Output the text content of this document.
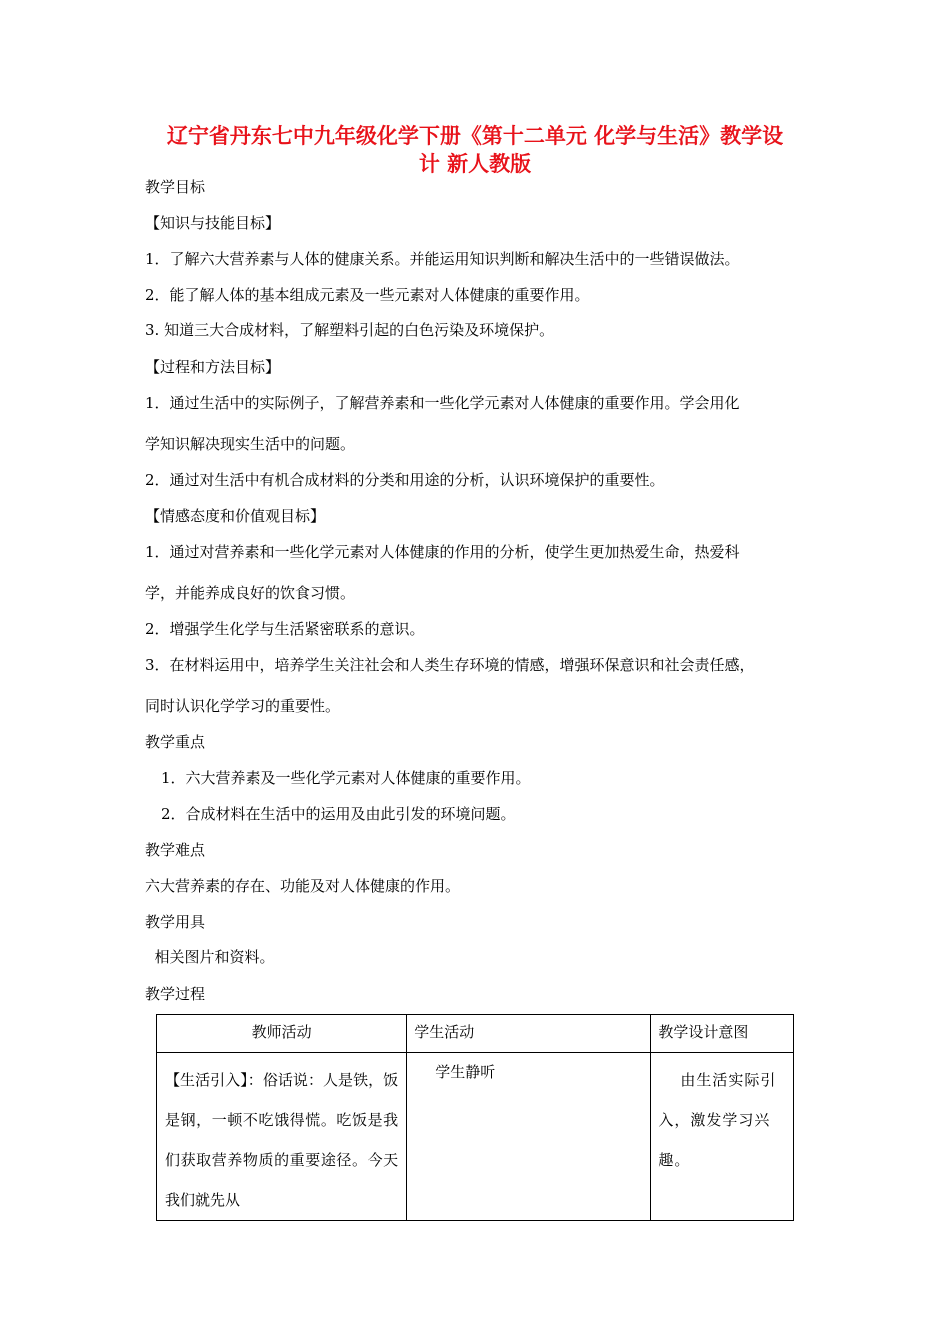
辽宁省丹东七中九年级化学下册《第十二单元 化学与生活》教学设
计 新人教版
教学目标
【知识与技能目标】
1．了解六大营养素与人体的健康关系。并能运用知识判断和解决生活中的一些错误做法。
2．能了解人体的基本组成元素及一些元素对人体健康的重要作用。
3. 知道三大合成材料，了解塑料引起的白色污染及环境保护。
【过程和方法目标】
1．通过生活中的实际例子，了解营养素和一些化学元素对人体健康的重要作用。学会用化
学知识解决现实生活中的问题。
2．通过对生活中有机合成材料的分类和用途的分析，认识环境保护的重要性。
【情感态度和价值观目标】
1．通过对营养素和一些化学元素对人体健康的作用的分析，使学生更加热爱生命，热爱科
学，并能养成良好的饮食习惯。
2．增强学生化学与生活紧密联系的意识。
3．在材料运用中，培养学生关注社会和人类生存环境的情感，增强环保意识和社会责任感，
同时认识化学学习的重要性。
教学重点
1．六大营养素及一些化学元素对人体健康的重要作用。
2．合成材料在生活中的运用及由此引发的环境问题。
教学难点
六大营养素的存在、功能及对人体健康的作用。
教学用具
相关图片和资料。
教学过程
教师活动	学生活动	教学设计意图

【生活引入】：俗话说：人是铁，饭是钢，一顿不吃饿得慌。吃饭是我们获取营养物质的重要途径。今天我们就先从	学生静听	由生活实际引入，激发学习兴趣。
